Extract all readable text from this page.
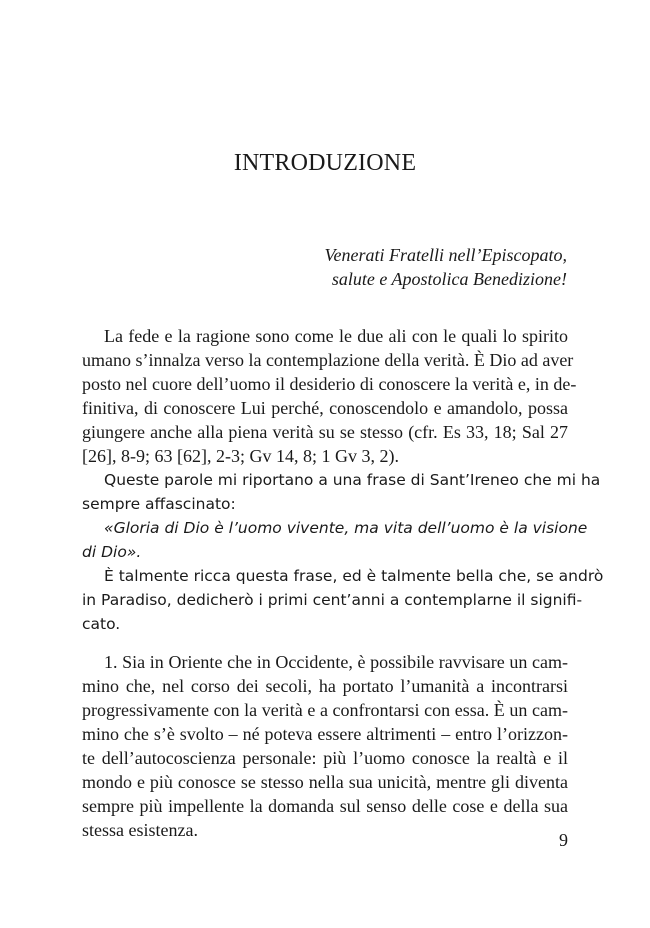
INTRODUZIONE
Venerati Fratelli nell’Episcopato,
salute e Apostolica Benedizione!
La fede e la ragione sono come le due ali con le quali lo spirito
umano s’innalza verso la contemplazione della verità. È Dio ad aver
posto nel cuore dell’uomo il desiderio di conoscere la verità e, in de-
finitiva, di conoscere Lui perché, conoscendolo e amandolo, possa
giungere anche alla piena verità su se stesso (cfr. Es 33, 18; Sal 27
[26], 8-9; 63 [62], 2-3; Gv 14, 8; 1 Gv 3, 2).
Queste parole mi riportano a una frase di Sant’Ireneo che mi ha
sempre affascinato:
«Gloria di Dio è l’uomo vivente, ma vita dell’uomo è la visione
di Dio».
È talmente ricca questa frase, ed è talmente bella che, se andrò
in Paradiso, dedicherò i primi cent’anni a contemplarne il signifi-
cato.
1. Sia in Oriente che in Occidente, è possibile ravvisare un cam-
mino che, nel corso dei secoli, ha portato l’umanità a incontrarsi
progressivamente con la verità e a confrontarsi con essa. È un cam-
mino che s’è svolto – né poteva essere altrimenti – entro l’orizzon-
te dell’autocoscienza personale: più l’uomo conosce la realtà e il
mondo e più conosce se stesso nella sua unicità, mentre gli diventa
sempre più impellente la domanda sul senso delle cose e della sua
stessa esistenza.	9
